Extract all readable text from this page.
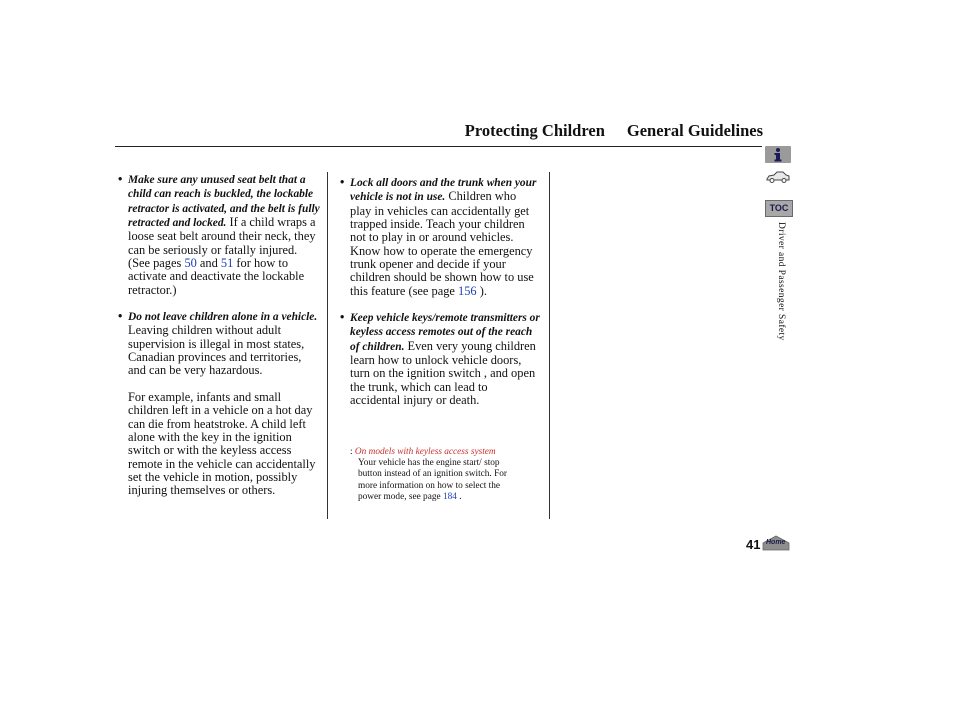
Protecting Children General Guidelines

• Make sure any unused seat belt that a child can reach is buckled, the lockable retractor is activated, and the belt is fully retracted and locked. If a child wraps a loose seat belt around their neck, they can be seriously or fatally injured. (See pages 50 and 51 for how to activate and deactivate the lockable retractor.)

• Do not leave children alone in a vehicle. Leaving children without adult supervision is illegal in most states, Canadian provinces and territories, and can be very hazardous.

For example, infants and small children left in a vehicle on a hot day can die from heatstroke. A child left alone with the key in the ignition switch or with the keyless access remote in the vehicle can accidentally set the vehicle in motion, possibly injuring themselves or others.

• Lock all doors and the trunk when your vehicle is not in use. Children who play in vehicles can accidentally get trapped inside. Teach your children not to play in or around vehicles. Know how to operate the emergency trunk opener and decide if your children should be shown how to use this feature (see page 156 ).

• Keep vehicle keys/remote transmitters or keyless access remotes out of the reach of children. Even very young children learn how to unlock vehicle doors, turn on the ignition switch , and open the trunk, which can lead to accidental injury or death.

: On models with keyless access system
Your vehicle has the engine start/ stop button instead of an ignition switch. For more information on how to select the power mode, see page 184 .
TOC
Driver and Passenger Safety
41 Home
